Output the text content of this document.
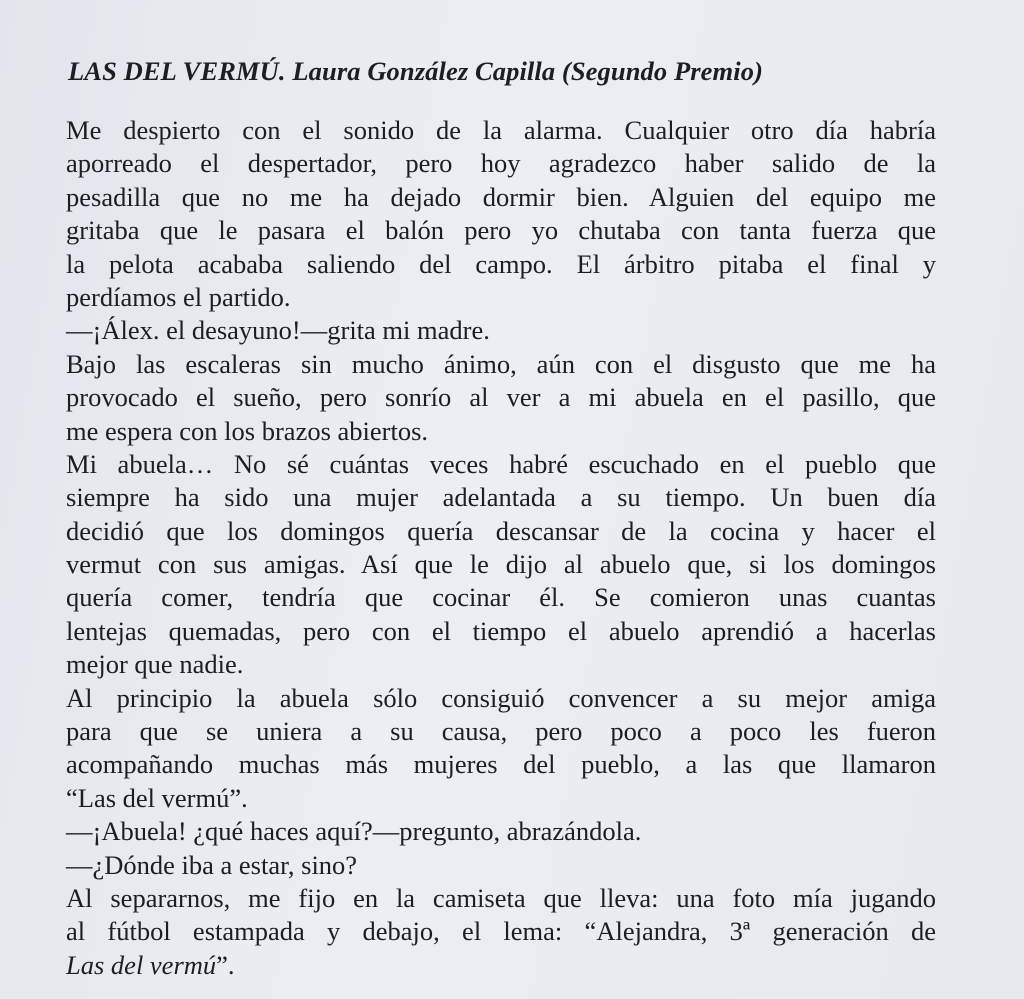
LAS DEL VERMÚ. Laura González Capilla (Segundo Premio)
Me despierto con el sonido de la alarma. Cualquier otro día habría
aporreado el despertador, pero hoy agradezco haber salido de la
pesadilla que no me ha dejado dormir bien. Alguien del equipo me
gritaba que le pasara el balón pero yo chutaba con tanta fuerza que
la pelota acababa saliendo del campo. El árbitro pitaba el final y
perdíamos el partido.
—¡Álex. el desayuno!—grita mi madre.
Bajo las escaleras sin mucho ánimo, aún con el disgusto que me ha
provocado el sueño, pero sonrío al ver a mi abuela en el pasillo, que
me espera con los brazos abiertos.
Mi abuela… No sé cuántas veces habré escuchado en el pueblo que
siempre ha sido una mujer adelantada a su tiempo. Un buen día
decidió que los domingos quería descansar de la cocina y hacer el
vermut con sus amigas. Así que le dijo al abuelo que, si los domingos
quería comer, tendría que cocinar él. Se comieron unas cuantas
lentejas quemadas, pero con el tiempo el abuelo aprendió a hacerlas
mejor que nadie.
Al principio la abuela sólo consiguió convencer a su mejor amiga
para que se uniera a su causa, pero poco a poco les fueron
acompañando muchas más mujeres del pueblo, a las que llamaron
“Las del vermú”.
—¡Abuela! ¿qué haces aquí?—pregunto, abrazándola.
—¿Dónde iba a estar, sino?
Al separarnos, me fijo en la camiseta que lleva: una foto mía jugando
al fútbol estampada y debajo, el lema: “Alejandra, 3ª generación de
Las del vermú”.
